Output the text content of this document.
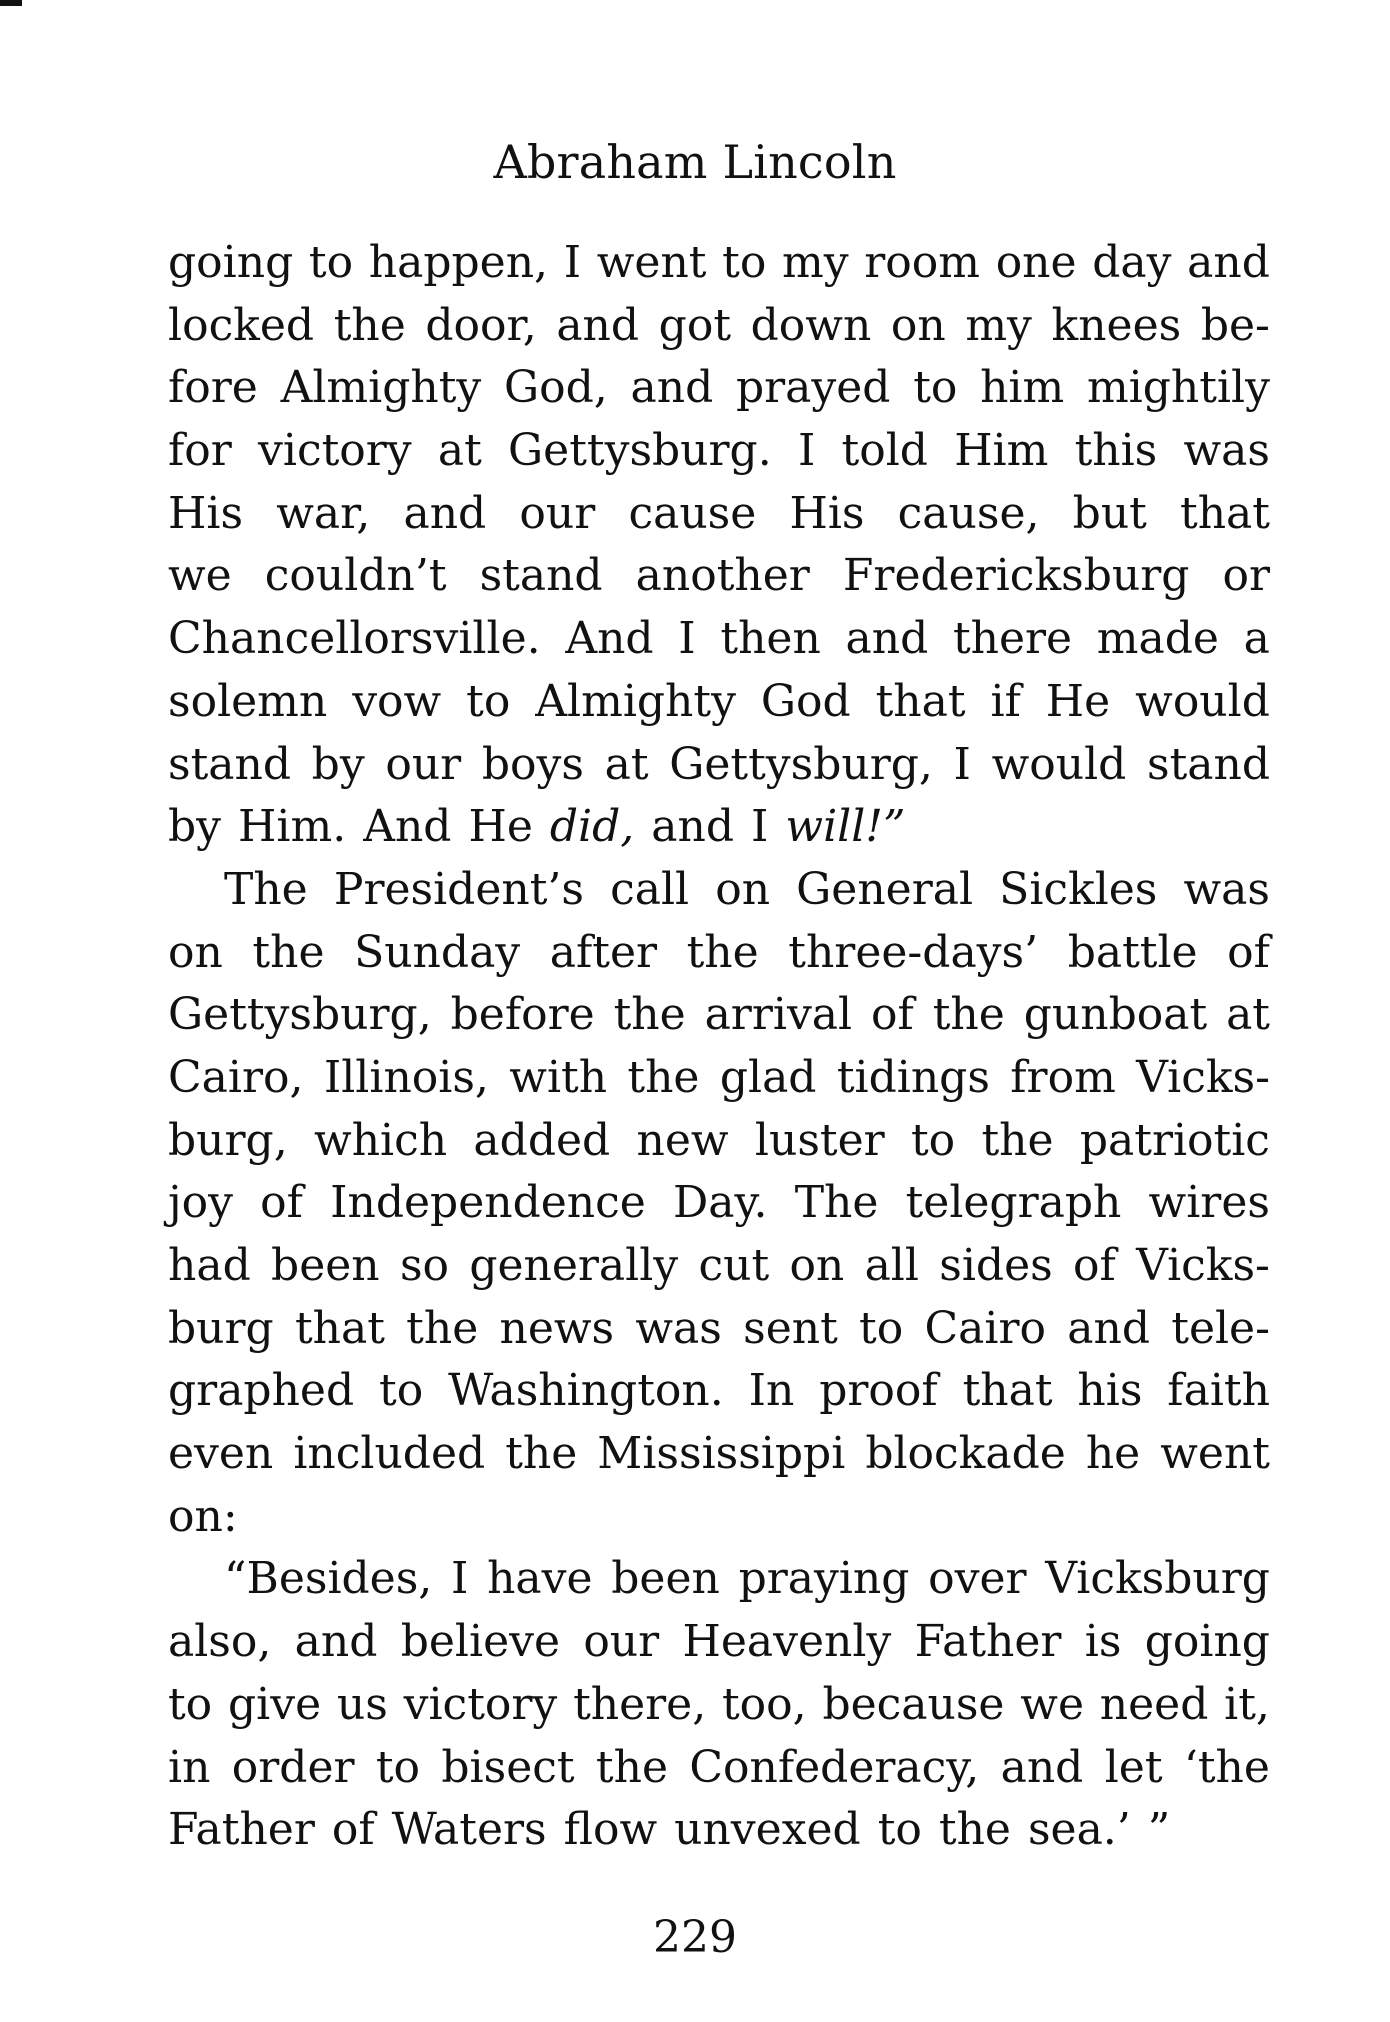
Abraham Lincoln
going to happen, I went to my room one day and
locked the door, and got down on my knees be-
fore Almighty God, and prayed to him mightily
for victory at Gettysburg. I told Him this was
His war, and our cause His cause, but that
we couldn’t stand another Fredericksburg or
Chancellorsville. And I then and there made a
solemn vow to Almighty God that if He would
stand by our boys at Gettysburg, I would stand
by Him. And He did, and I will!”
The President’s call on General Sickles was
on the Sunday after the three-days’ battle of
Gettysburg, before the arrival of the gunboat at
Cairo, Illinois, with the glad tidings from Vicks-
burg, which added new luster to the patriotic
joy of Independence Day. The telegraph wires
had been so generally cut on all sides of Vicks-
burg that the news was sent to Cairo and tele-
graphed to Washington. In proof that his faith
even included the Mississippi blockade he went
on:
“Besides, I have been praying over Vicksburg
also, and believe our Heavenly Father is going
to give us victory there, too, because we need it,
in order to bisect the Confederacy, and let ‘the
Father of Waters flow unvexed to the sea.’ ”
229
